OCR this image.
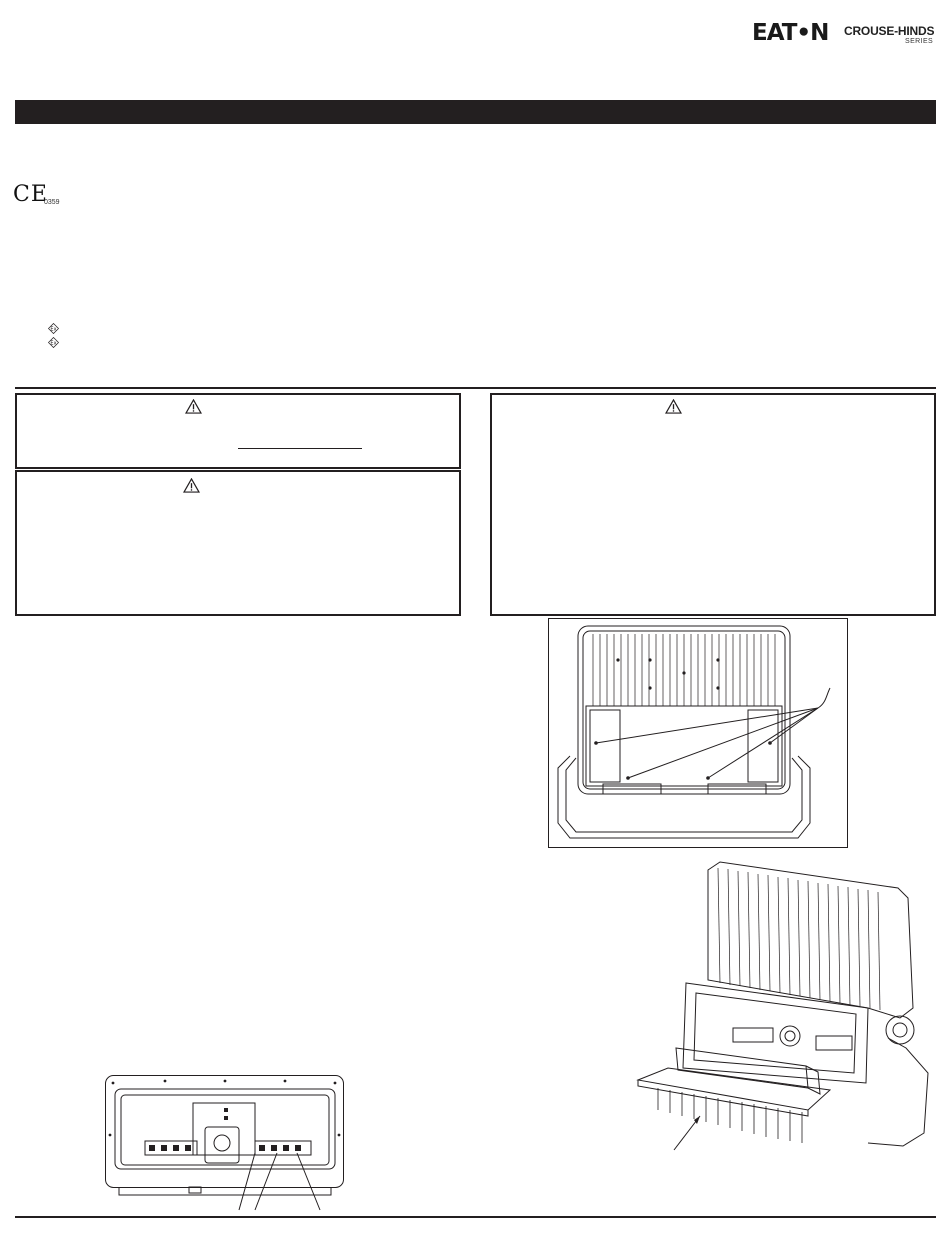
EAT•N CROUSE-HINDS
SERIES
CE
0359
Ex
Ex
